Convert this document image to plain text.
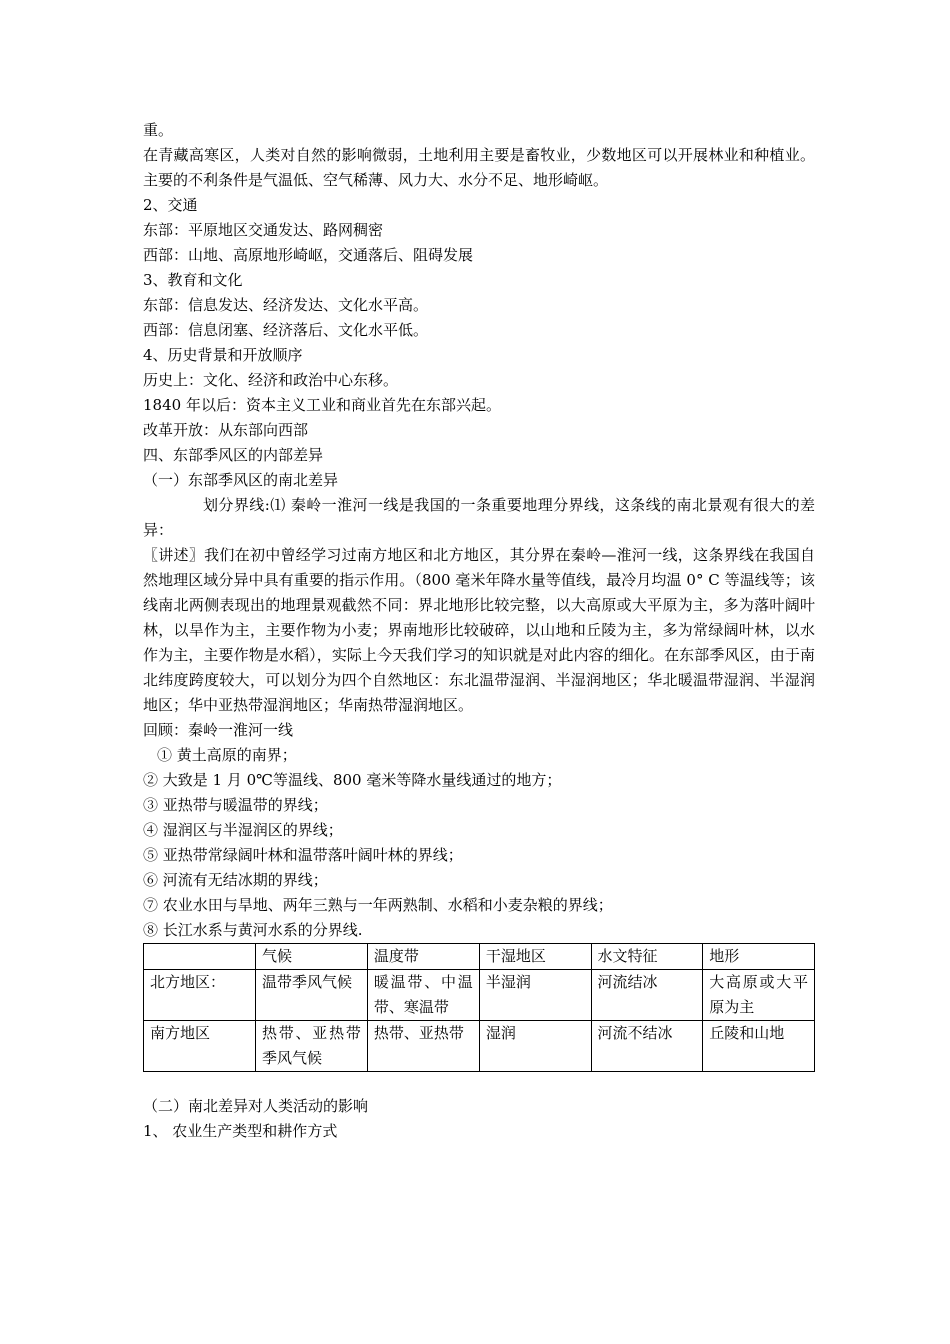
重。
在青藏高寒区，人类对自然的影响微弱，土地利用主要是畜牧业，少数地区可以开展林业和种植业。主要的不利条件是气温低、空气稀薄、风力大、水分不足、地形崎岖。
2、交通
东部：平原地区交通发达、路网稠密
西部：山地、高原地形崎岖，交通落后、阻碍发展
3、教育和文化
东部：信息发达、经济发达、文化水平高。
西部：信息闭塞、经济落后、文化水平低。
4、历史背景和开放顺序
历史上：文化、经济和政治中心东移。
1840 年以后：资本主义工业和商业首先在东部兴起。
改革开放：从东部向西部
四、东部季风区的内部差异
（一）东部季风区的南北差异
划分界线:⑴ 秦岭一淮河一线是我国的一条重要地理分界线，这条线的南北景观有很大的差异：
〖讲述〗我们在初中曾经学习过南方地区和北方地区，其分界在秦岭—淮河一线，这条界线在我国自然地理区域分异中具有重要的指示作用。（800 毫米年降水量等值线，最冷月均温 0° C 等温线等；该线南北两侧表现出的地理景观截然不同：界北地形比较完整，以大高原或大平原为主，多为落叶阔叶林，以旱作为主，主要作物为小麦；界南地形比较破碎，以山地和丘陵为主，多为常绿阔叶林，以水作为主，主要作物是水稻），实际上今天我们学习的知识就是对此内容的细化。在东部季风区，由于南北纬度跨度较大，可以划分为四个自然地区：东北温带湿润、半湿润地区；华北暖温带湿润、半湿润地区；华中亚热带湿润地区；华南热带湿润地区。
回顾：秦岭一淮河一线
① 黄土高原的南界；
② 大致是 1 月 0℃等温线、800 毫米等降水量线通过的地方；
③ 亚热带与暖温带的界线；
④ 湿润区与半湿润区的界线；
⑤ 亚热带常绿阔叶林和温带落叶阔叶林的界线；
⑥ 河流有无结冰期的界线；
⑦ 农业水田与旱地、两年三熟与一年两熟制、水稻和小麦杂粮的界线；
⑧ 长江水系与黄河水系的分界线.
	气候	温度带	干湿地区	水文特征	地形
北方地区：	温带季风气候	暖温带、中温带、寒温带	半湿润	河流结冰	大高原或大平原为主
南方地区	热带、亚热带季风气候	热带、亚热带	湿润	河流不结冰	丘陵和山地
（二）南北差异对人类活动的影响
1、 农业生产类型和耕作方式
